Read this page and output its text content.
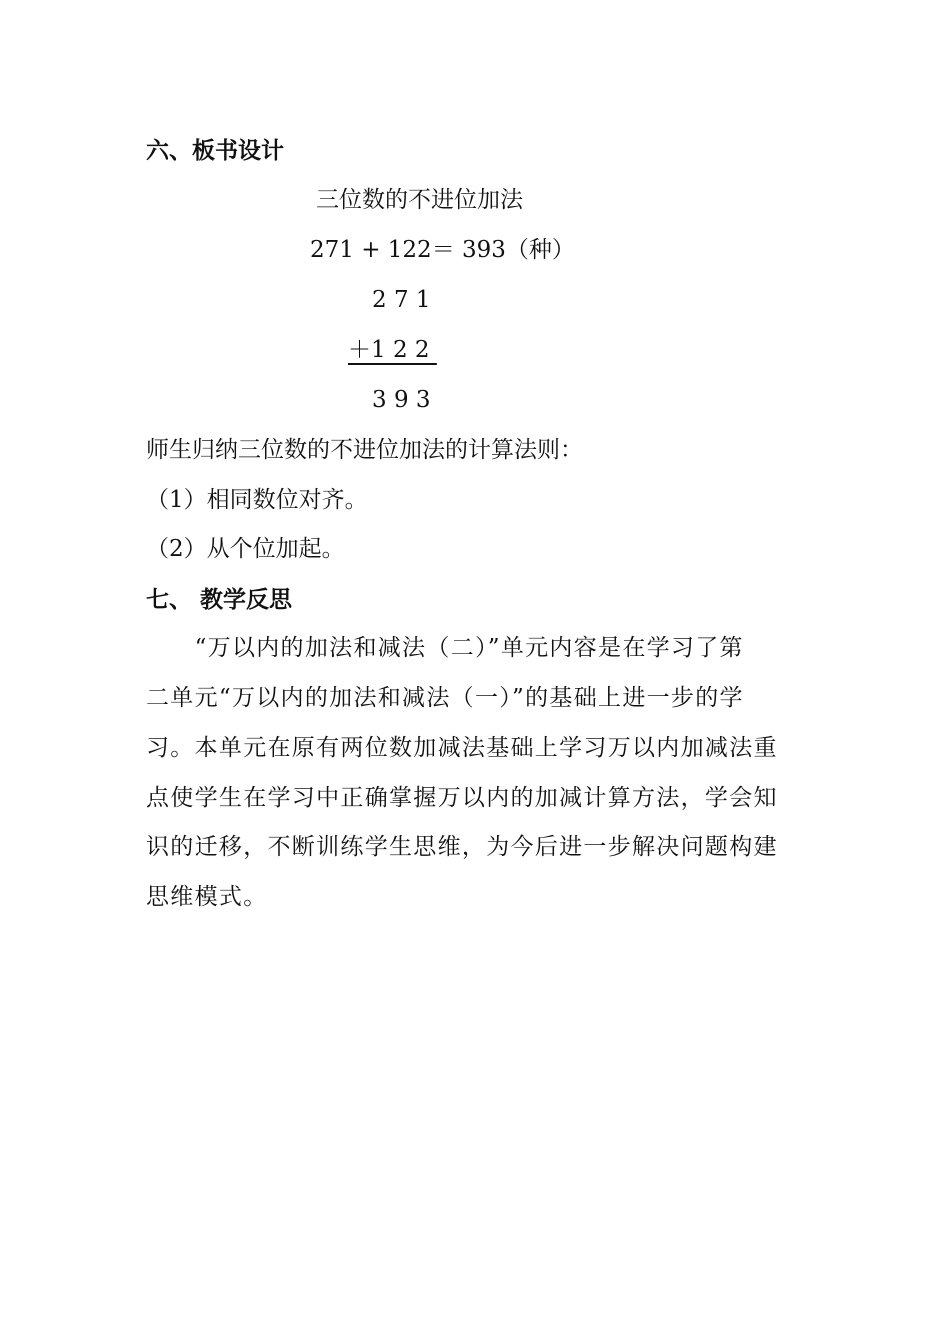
六、板书设计
三位数的不进位加法
271 + 122＝ 393（种）
2 7 1
＋1 2 2
3 9 3
师生归纳三位数的不进位加法的计算法则：
（1）相同数位对齐。
（2）从个位加起。
七、 教学反思
　　“万以内的加法和减法（二）”单元内容是在学习了第
二单元“万以内的加法和减法（一）”的基础上进一步的学
习。本单元在原有两位数加减法基础上学习万以内加减法重
点使学生在学习中正确掌握万以内的加减计算方法，学会知
识的迁移，不断训练学生思维，为今后进一步解决问题构建
思维模式。
